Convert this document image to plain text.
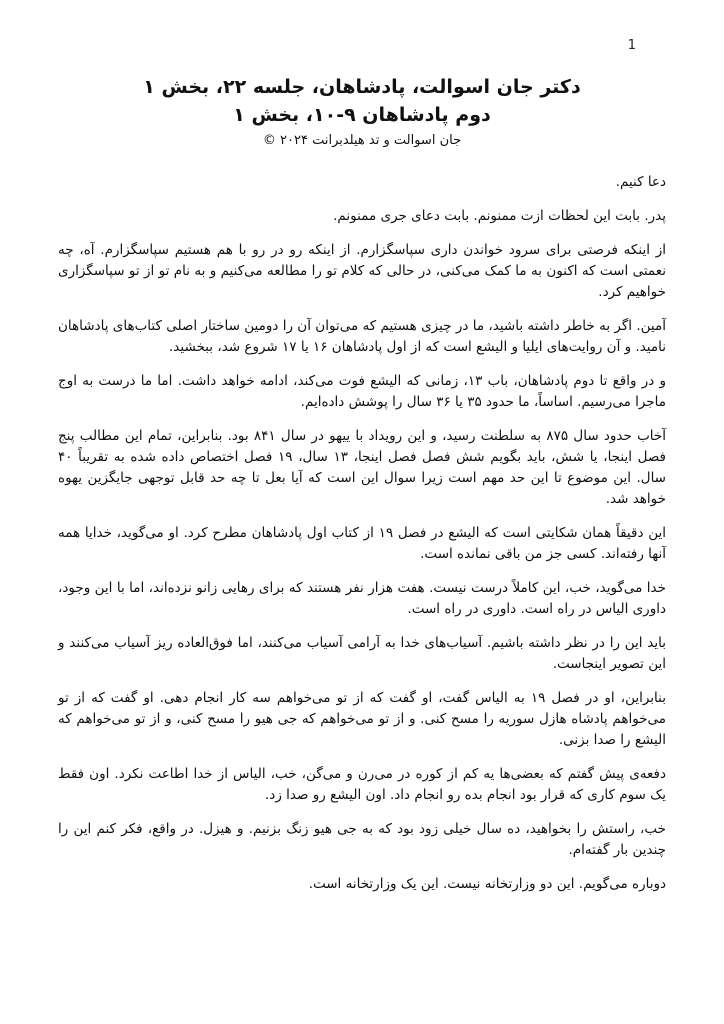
1
دکتر جان اسوالت، پادشاهان، جلسه ۲۲، بخش ۱
دوم پادشاهان ۹-۱۰، بخش ۱
جان اسوالت و تد هیلدبرانت ۲۰۲۴ ©

دعا کنیم.

پدر. بابت این لحظات ازت ممنونم. بابت دعای جری ممنونم.

از اینکه فرصتی برای سرود خواندن داری سپاسگزارم. از اینکه رو در رو با هم هستیم سپاسگزارم. آه، چه نعمتی است که اکنون به ما کمک می‌کنی، در حالی که کلام تو را مطالعه می‌کنیم و به نام تو از تو سپاسگزاری خواهیم کرد.

آمین. اگر به خاطر داشته باشید، ما در چیزی هستیم که می‌توان آن را دومین ساختار اصلی کتاب‌های پادشاهان نامید. و آن روایت‌های ایلیا و الیشع است که از اول پادشاهان ۱۶ یا ۱۷ شروع شد، ببخشید.

و در واقع تا دوم پادشاهان، باب ۱۳، زمانی که الیشع فوت می‌کند، ادامه خواهد داشت. اما ما درست به اوج ماجرا می‌رسیم. اساساً، ما حدود ۳۵ یا ۳۶ سال را پوشش داده‌ایم.

آخاب حدود سال ۸۷۵ به سلطنت رسید، و این رویداد با ییهو در سال ۸۴۱ بود. بنابراین، تمام این مطالب پنج فصل اینجا، یا شش، باید بگویم شش فصل فصل اینجا، ۱۳ سال، ۱۹ فصل اختصاص داده شده به تقریباً ۴۰ سال. این موضوع تا این حد مهم است زیرا سوال این است که آیا بعل تا چه حد قابل توجهی جایگزین یهوه خواهد شد.

این دقیقاً همان شکایتی است که الیشع در فصل ۱۹ از کتاب اول پادشاهان مطرح کرد. او می‌گوید، خدایا همه آنها رفته‌اند. کسی جز من باقی نمانده است.

خدا می‌گوید، خب، این کاملاً درست نیست. هفت هزار نفر هستند که برای رهایی زانو نزده‌اند، اما با این وجود، داوری الیاس در راه است. داوری در راه است.

باید این را در نظر داشته باشیم. آسیاب‌های خدا به آرامی آسیاب می‌کنند، اما فوق‌العاده ریز آسیاب می‌کنند و این تصویر اینجاست.

بنابراین، او در فصل ۱۹ به الیاس گفت، او گفت که از تو می‌خواهم سه کار انجام دهی. او گفت که از تو می‌خواهم پادشاه هازل سوریه را مسح کنی. و از تو می‌خواهم که جی هیو را مسح کنی، و از تو می‌خواهم که الیشع را صدا بزنی.

دفعه‌ی پیش گفتم که بعضی‌ها یه کم از کوره در می‌رن و می‌گن، خب، الیاس از خدا اطاعت نکرد. اون فقط یک سوم کاری که قرار بود انجام بده رو انجام داد. اون الیشع رو صدا زد.

خب، راستش را بخواهید، ده سال خیلی زود بود که به جی هیو زنگ بزنیم. و هیزل. در واقع، فکر کنم این را چندین بار گفته‌ام.

دوباره می‌گویم. این دو وزارتخانه نیست. این یک وزارتخانه است.
